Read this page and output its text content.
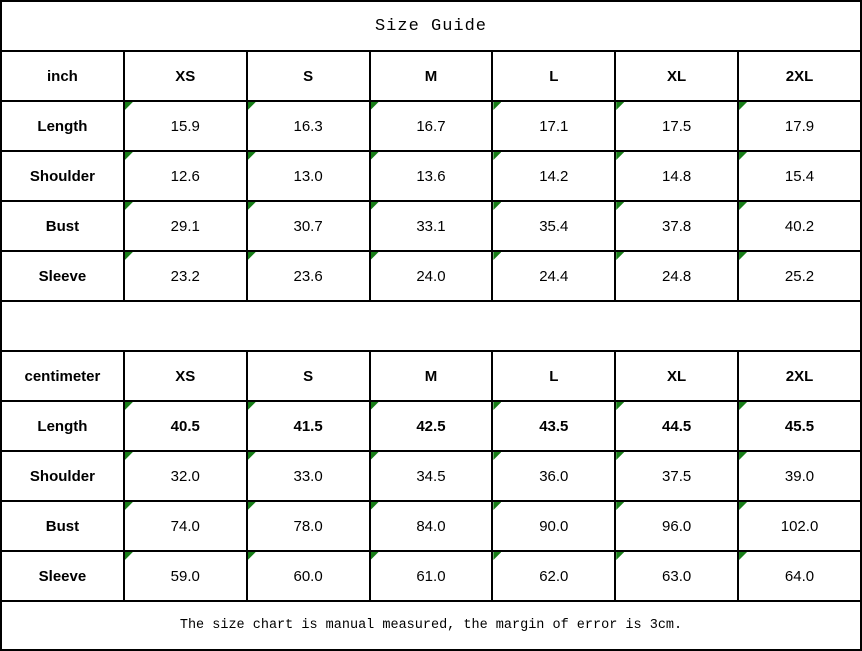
Size Guide						
inch	XS	S	M	L	XL	2XL
Length	15.9	16.3	16.7	17.1	17.5	17.9
Shoulder	12.6	13.0	13.6	14.2	14.8	15.4
Bust	29.1	30.7	33.1	35.4	37.8	40.2
Sleeve	23.2	23.6	24.0	24.4	24.8	25.2

centimeter	XS	S	M	L	XL	2XL
Length	40.5	41.5	42.5	43.5	44.5	45.5
Shoulder	32.0	33.0	34.5	36.0	37.5	39.0
Bust	74.0	78.0	84.0	90.0	96.0	102.0
Sleeve	59.0	60.0	61.0	62.0	63.0	64.0
The size chart is manual measured, the margin of error is 3cm.						
